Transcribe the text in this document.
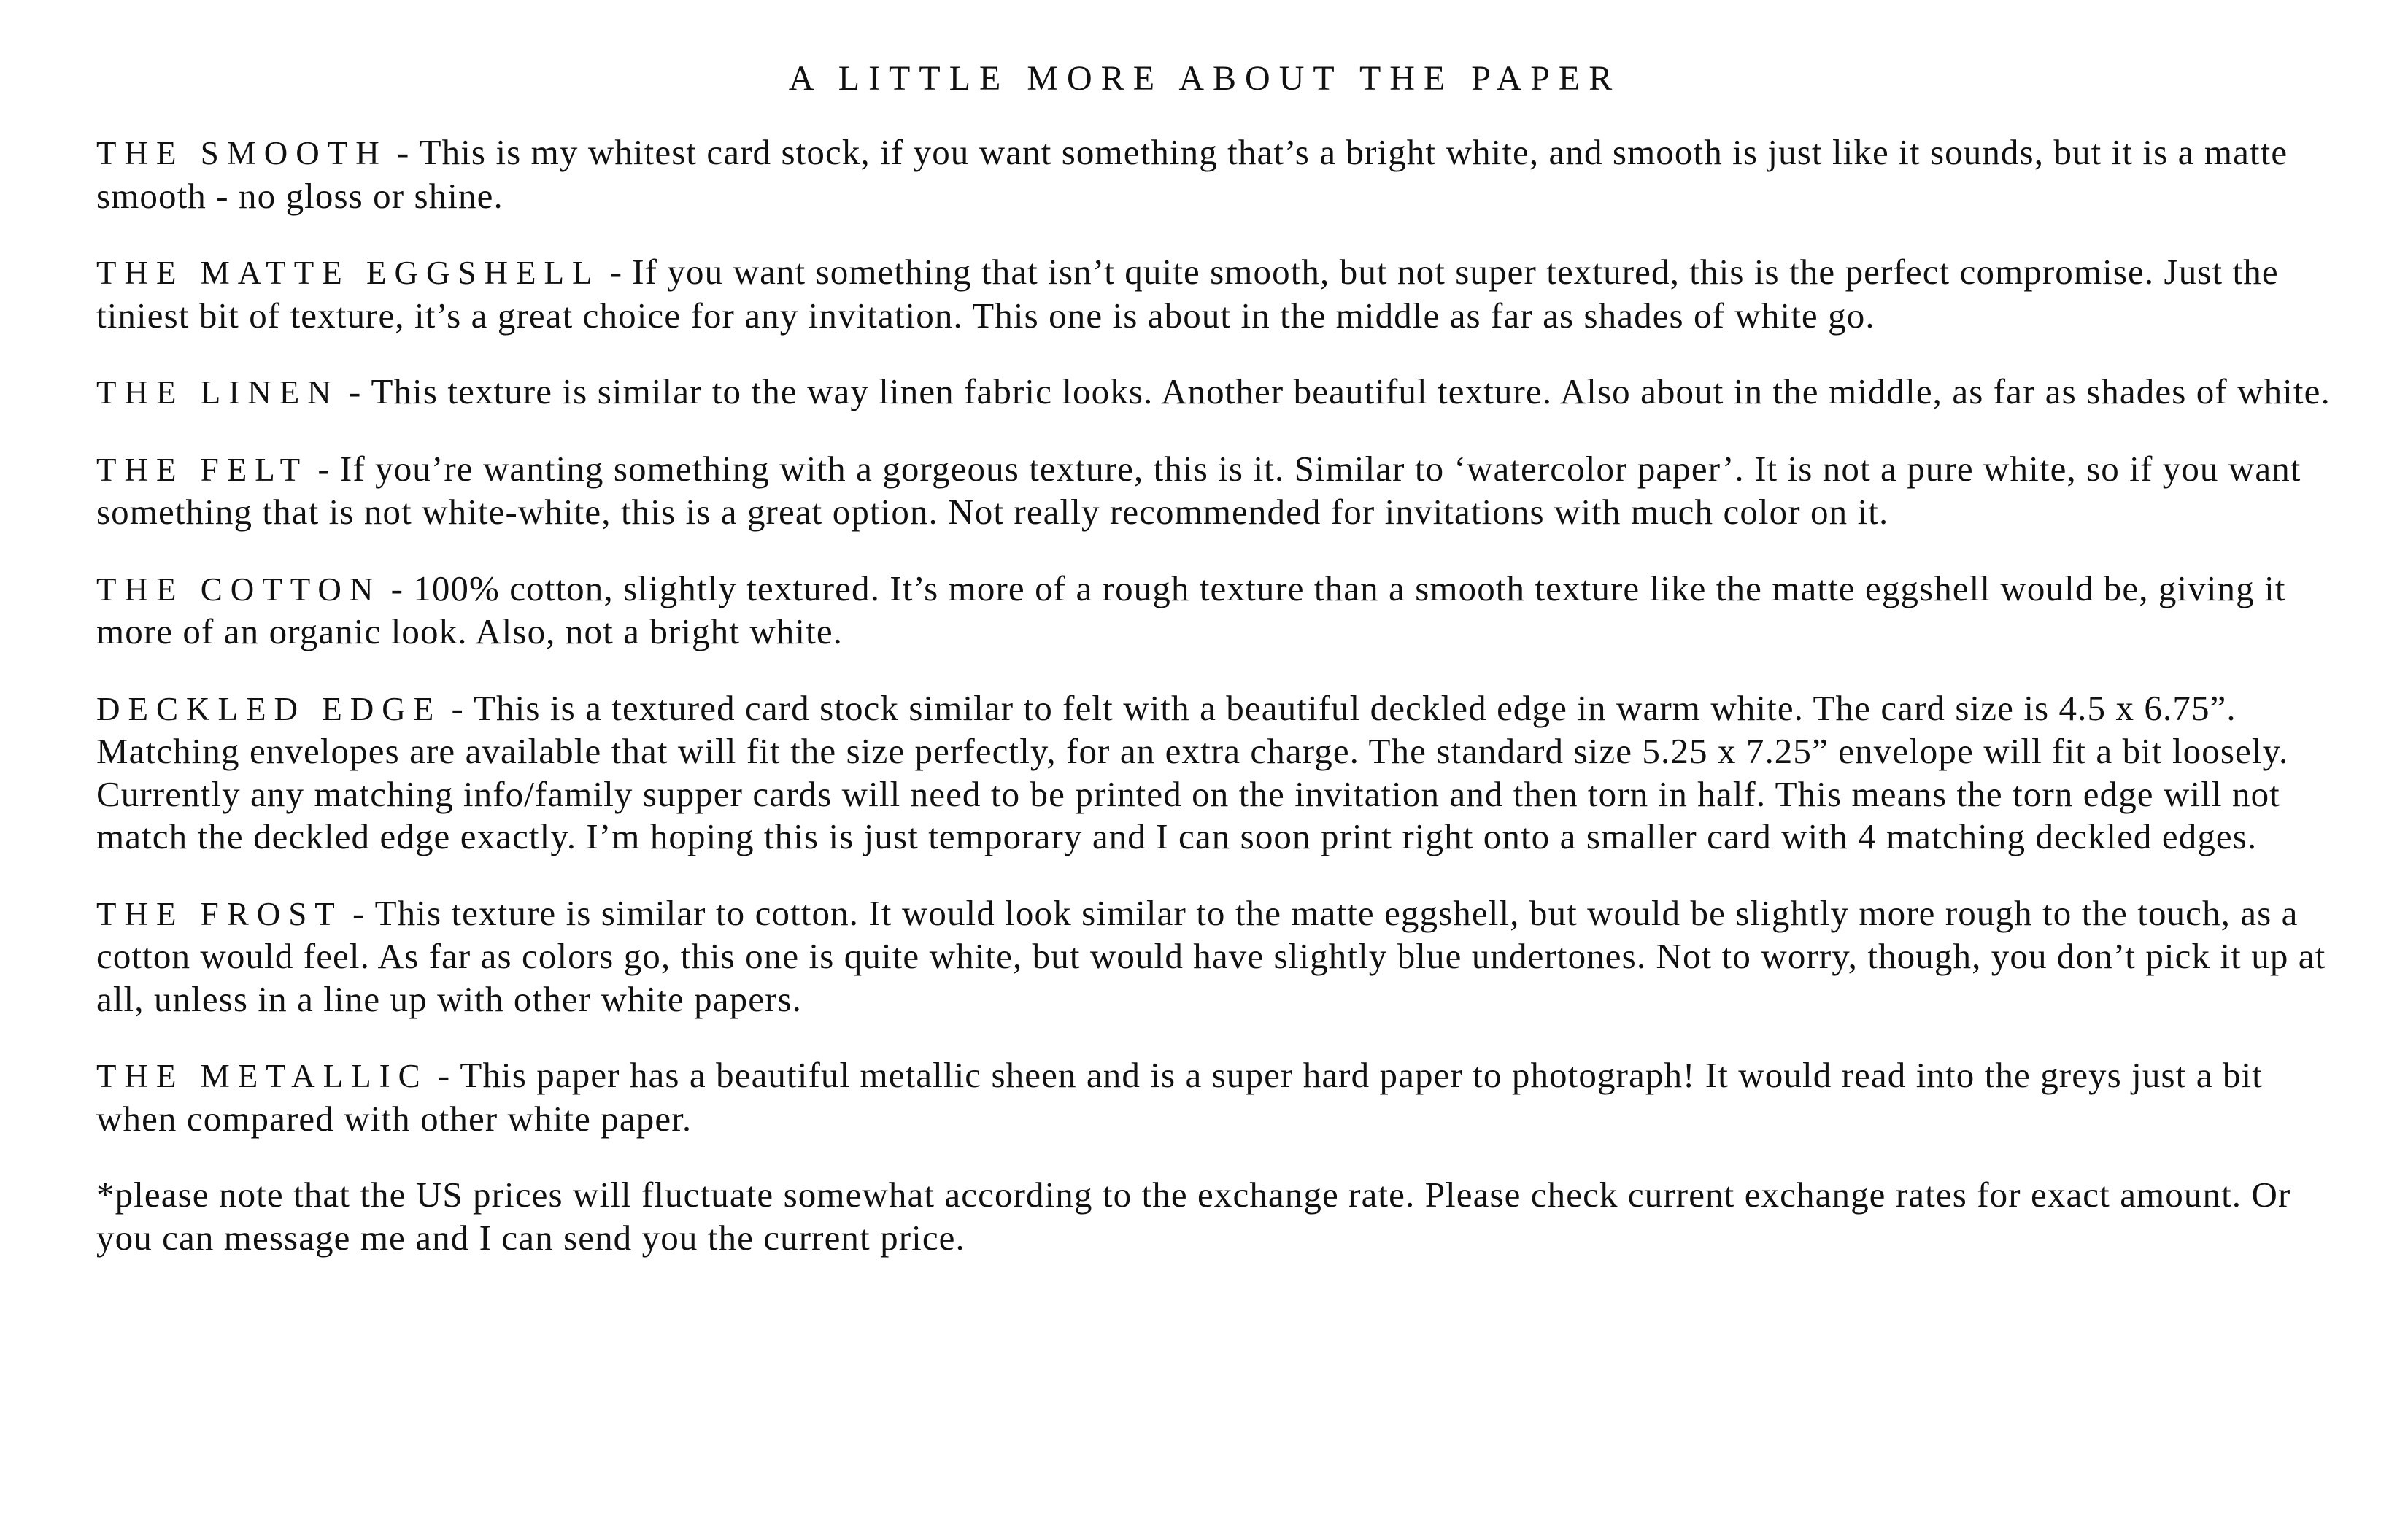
A LITTLE MORE ABOUT THE PAPER

THE SMOOTH - This is my whitest card stock, if you want something that’s a bright white, and smooth is just like it sounds, but it is a matte smooth - no gloss or shine.

THE MATTE EGGSHELL - If you want something that isn’t quite smooth, but not super textured, this is the perfect compromise. Just the tiniest bit of texture, it’s a great choice for any invitation. This one is about in the middle as far as shades of white go.

THE LINEN - This texture is similar to the way linen fabric looks. Another beautiful texture. Also about in the middle, as far as shades of white.

THE FELT - If you’re wanting something with a gorgeous texture, this is it. Similar to ‘watercolor paper’. It is not a pure white, so if you want something that is not white-white, this is a great option. Not really recommended for invitations with much color on it.

THE COTTON - 100% cotton, slightly textured. It’s more of a rough texture than a smooth texture like the matte eggshell would be, giving it more of an organic look. Also, not a bright white.

DECKLED EDGE - This is a textured card stock similar to felt with a beautiful deckled edge in warm white. The card size is 4.5 x 6.75”. Matching envelopes are available that will fit the size perfectly, for an extra charge. The standard size 5.25 x 7.25” envelope will fit a bit loosely. Currently any matching info/family supper cards will need to be printed on the invitation and then torn in half. This means the torn edge will not match the deckled edge exactly. I’m hoping this is just temporary and I can soon print right onto a smaller card with 4 matching deckled edges.

THE FROST - This texture is similar to cotton. It would look similar to the matte eggshell, but would be slightly more rough to the touch, as a cotton would feel. As far as colors go, this one is quite white, but would have slightly blue undertones. Not to worry, though, you don’t pick it up at all, unless in a line up with other white papers.

THE METALLIC - This paper has a beautiful metallic sheen and is a super hard paper to photograph! It would read into the greys just a bit when compared with other white paper.

*please note that the US prices will fluctuate somewhat according to the exchange rate. Please check current exchange rates for exact amount. Or you can message me and I can send you the current price.
